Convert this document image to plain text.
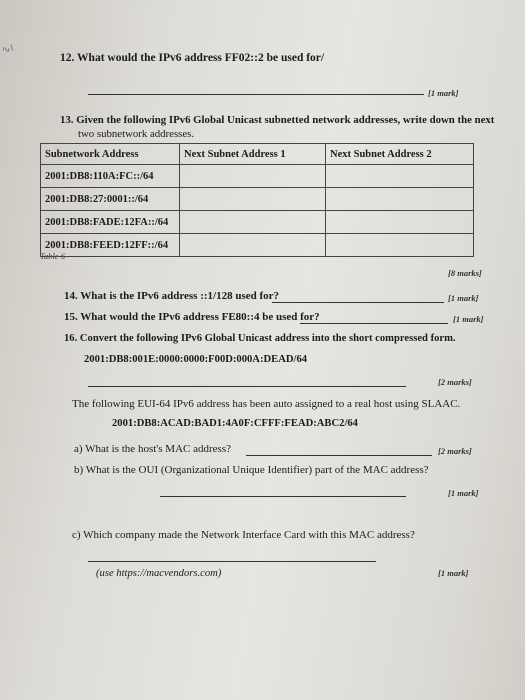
∿≀
12. What would the IPv6 address FF02::2 be used for/
[1 mark]
13. Given the following IPv6 Global Unicast subnetted network addresses, write down the next
two subnetwork addresses.
Subnetwork Address	Next Subnet Address 1	Next Subnet Address 2
2001:DB8:110A:FC::/64		
2001:DB8:27:0001::/64		
2001:DB8:FADE:12FA::/64		
2001:DB8:FEED:12FF::/64		
Table 6
[8 marks]
14. What is the IPv6 address ::1/128 used for?	[1 mark]
15. What would the IPv6 address FE80::4 be used for?	[1 mark]
16. Convert the following IPv6 Global Unicast address into the short compressed form.
2001:DB8:001E:0000:0000:F00D:000A:DEAD/64
[2 marks]
The following EUI-64 IPv6 address has been auto assigned to a real host using SLAAC.
2001:DB8:ACAD:BAD1:4A0F:CFFF:FEAD:ABC2/64
a) What is the host's MAC address?	[2 marks]
b) What is the OUI (Organizational Unique Identifier) part of the MAC address?
[1 mark]
c) Which company made the Network Interface Card with this MAC address?
(use https://macvendors.com)	[1 mark]
